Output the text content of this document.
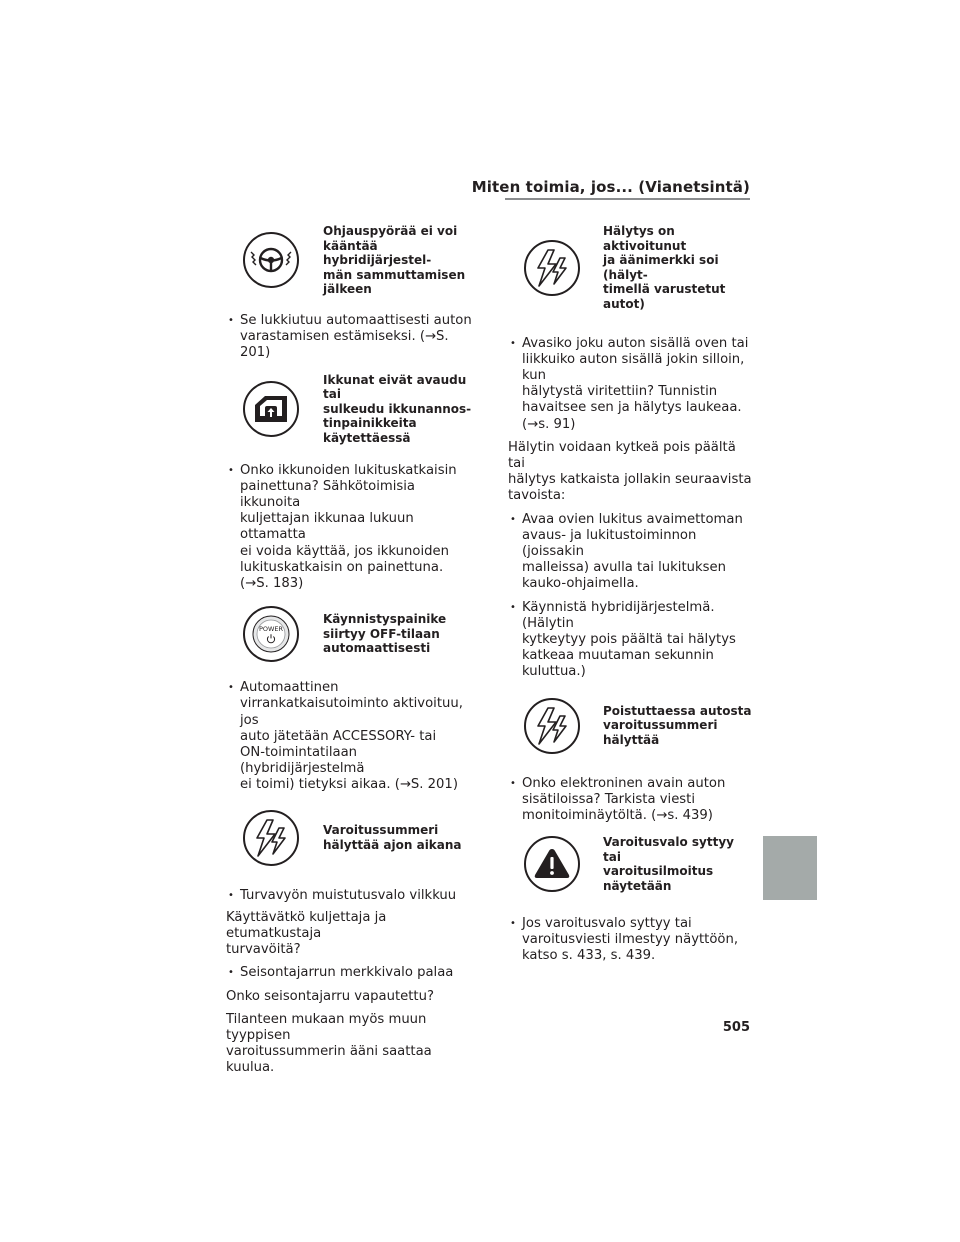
Miten toimia, jos... (Vianetsintä)
Ohjauspyörää ei voi
kääntää hybridijärjestel-
män sammuttamisen
jälkeen
• Se lukkiutuu automaattisesti auton
varastamisen estämiseksi. (→S. 201)
Ikkunat eivät avaudu tai
sulkeudu ikkunannos-
tinpainikkeita
käytettäessä
• Onko ikkunoiden lukituskatkaisin
painettuna? Sähkötoimisia ikkunoita
kuljettajan ikkunaa lukuun ottamatta
ei voida käyttää, jos ikkunoiden
lukituskatkaisin on painettuna.
(→S. 183)
POWER
Käynnistyspainike
siirtyy OFF-tilaan
automaattisesti
• Automaattinen
virrankatkaisutoiminto aktivoituu, jos
auto jätetään ACCESSORY- tai
ON-toimintatilaan (hybridijärjestelmä
ei toimi) tietyksi aikaa. (→S. 201)
Varoitussummeri
hälyttää ajon aikana
• Turvavyön muistutusvalo vilkkuu
Käyttävätkö kuljettaja ja etumatkustaja
turvavöitä?
• Seisontajarrun merkkivalo palaa
Onko seisontajarru vapautettu?
Tilanteen mukaan myös muun tyyppisen
varoitussummerin ääni saattaa kuulua.
Hälytys on aktivoitunut
ja äänimerkki soi (hälyt-
timellä varustetut autot)
• Avasiko joku auton sisällä oven tai
liikkuiko auton sisällä jokin silloin, kun
hälytystä viritettiin? Tunnistin
havaitsee sen ja hälytys laukeaa.
(→s. 91)
Hälytin voidaan kytkeä pois päältä tai
hälytys katkaista jollakin seuraavista
tavoista:
• Avaa ovien lukitus avaimettoman
avaus- ja lukitustoiminnon (joissakin
malleissa) avulla tai lukituksen
kauko-ohjaimella.
• Käynnistä hybridijärjestelmä. (Hälytin
kytkeytyy pois päältä tai hälytys
katkeaa muutaman sekunnin
kuluttua.)
Poistuttaessa autosta
varoitussummeri
hälyttää
• Onko elektroninen avain auton
sisätiloissa? Tarkista viesti
monitoiminäytöltä. (→s. 439)
Varoitusvalo syttyy tai
varoitusilmoitus
näytetään
• Jos varoitusvalo syttyy tai
varoitusviesti ilmestyy näyttöön,
katso s. 433, s. 439.
505
